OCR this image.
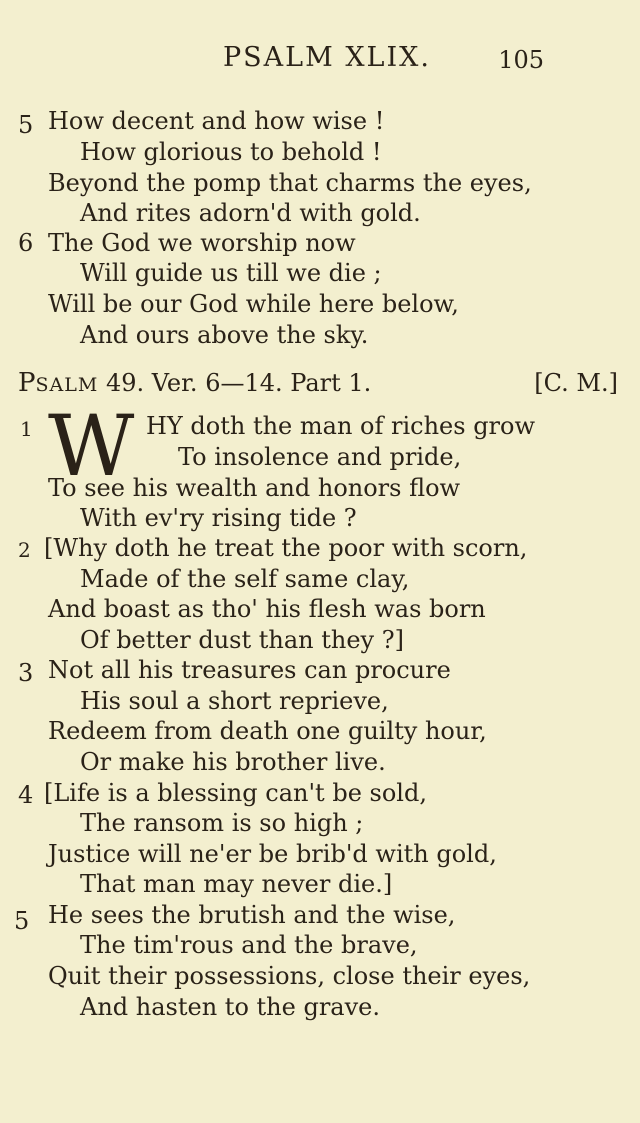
PSALM XLIX.	105
5 How decent and how wise !
How glorious to behold !
Beyond the pomp that charms the eyes,
And rites adorn'd with gold.
6 The God we worship now
Will guide us till we die ;
Will be our God while here below,
And ours above the sky.
PSALM 49. Ver. 6—14. Part 1.	[C. M.]
1 W HY doth the man of riches grow
To insolence and pride,
To see his wealth and honors flow
With ev'ry rising tide ?
2 [Why doth he treat the poor with scorn,
Made of the self same clay,
And boast as tho' his flesh was born
Of better dust than they ?]
3 Not all his treasures can procure
His soul a short reprieve,
Redeem from death one guilty hour,
Or make his brother live.
4 [Life is a blessing can't be sold,
The ransom is so high ;
Justice will ne'er be brib'd with gold,
That man may never die.]
5 He sees the brutish and the wise,
The tim'rous and the brave,
Quit their possessions, close their eyes,
And hasten to the grave.
